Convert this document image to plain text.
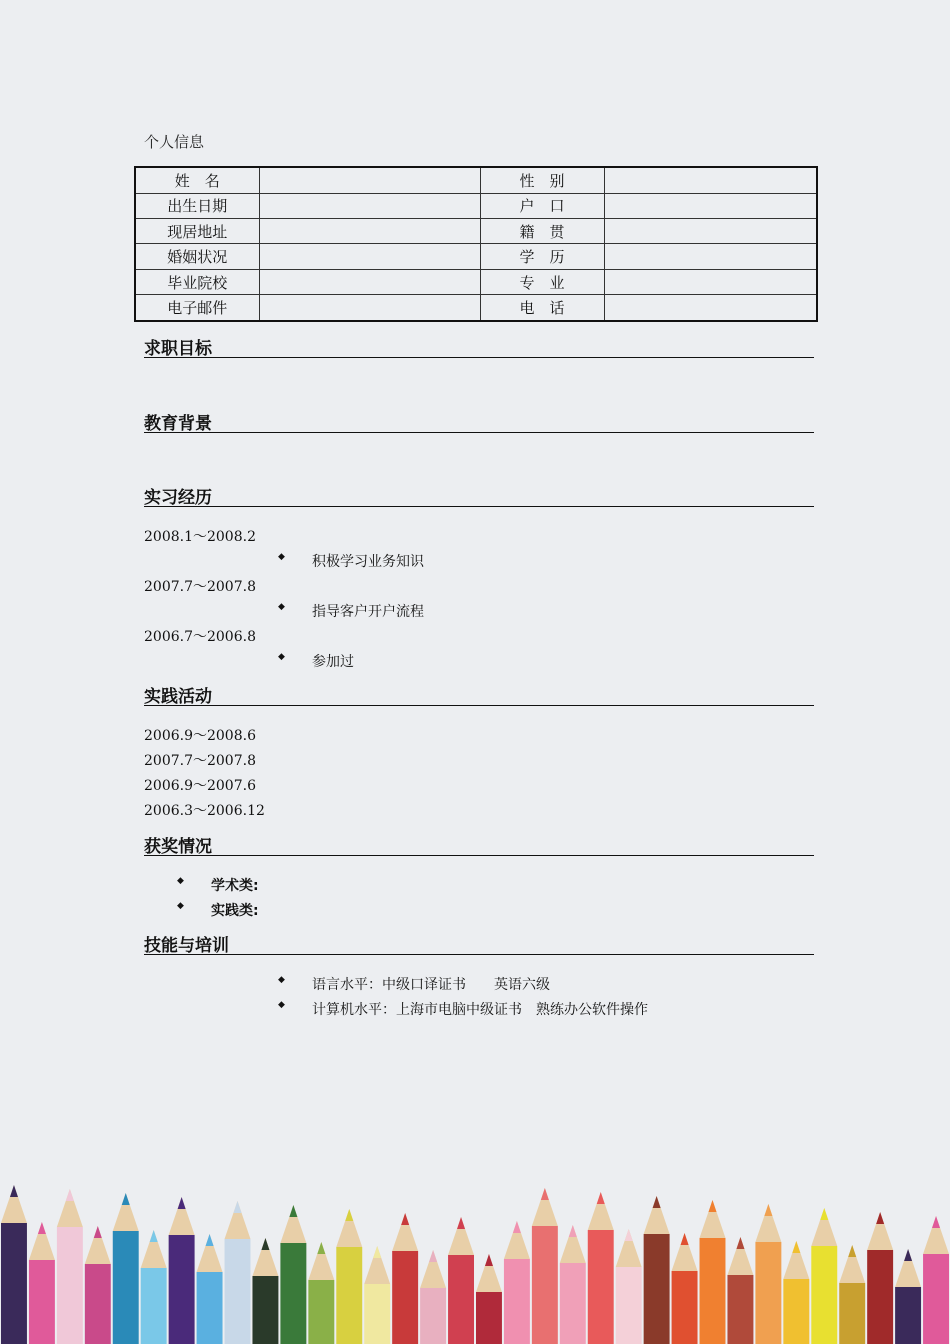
个人信息
姓　名		性　别	
出生日期		户　口	
现居地址		籍　贯	
婚姻状况		学　历	
毕业院校		专　业	
电子邮件		电　话	
求职目标
教育背景
实习经历
2008.1～2008.2
◆ 积极学习业务知识
2007.7～2007.8
◆ 指导客户开户流程
2006.7～2006.8
◆ 参加过
实践活动
2006.9～2008.6
2007.7～2007.8
2006.9～2007.6
2006.3～2006.12
获奖情况
◆ 学术类:
◆ 实践类:
技能与培训
◆ 语言水平：中级口译证书　　英语六级
◆ 计算机水平：上海市电脑中级证书　熟练办公软件操作
